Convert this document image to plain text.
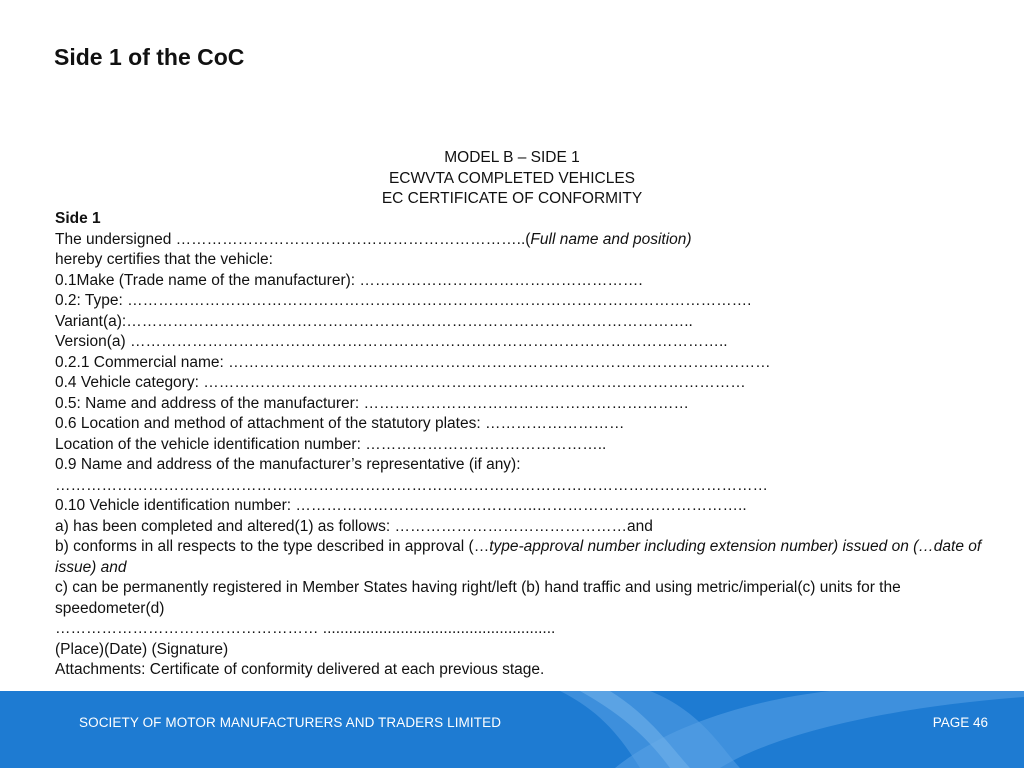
Side 1 of the CoC
MODEL B – SIDE 1
ECWVTA COMPLETED VEHICLES
EC CERTIFICATE OF CONFORMITY
Side 1
The undersigned …………………………………………………………..(Full name and position)
hereby certifies that the vehicle:
0.1Make (Trade name of the manufacturer): ……………………………………………….
0.2: Type: ………………………………………………………………………………………………………….
Variant(a):………………………………………………………………………………………………..
Version(a) ……………………………………………………………………………………………………..
0.2.1 Commercial name: ……………………………………………………………………………………………
0.4 Vehicle category: ……………………………………………………………………………………………
0.5: Name and address of the manufacturer: ………………………………………………………
0.6 Location and method of attachment of the statutory plates: ………………………
Location of the vehicle identification number: ………………………………………..
0.9 Name and address of the manufacturer’s representative (if any):
…………………………………………………………………………………………………………………………
0.10 Vehicle identification number: ………………………………………..…………………………………..
a) has been completed and altered(1) as follows: ………………………………………and
b) conforms in all respects to the type described in approval (…type-approval number including extension number) issued on (…date of issue) and
c) can be permanently registered in Member States having right/left (b) hand traffic and using metric/imperial(c) units for the speedometer(d)
…………………………………………… ......................................................
(Place)(Date) (Signature)
Attachments: Certificate of conformity delivered at each previous stage.
SOCIETY OF MOTOR MANUFACTURERS AND TRADERS LIMITED	PAGE 46
